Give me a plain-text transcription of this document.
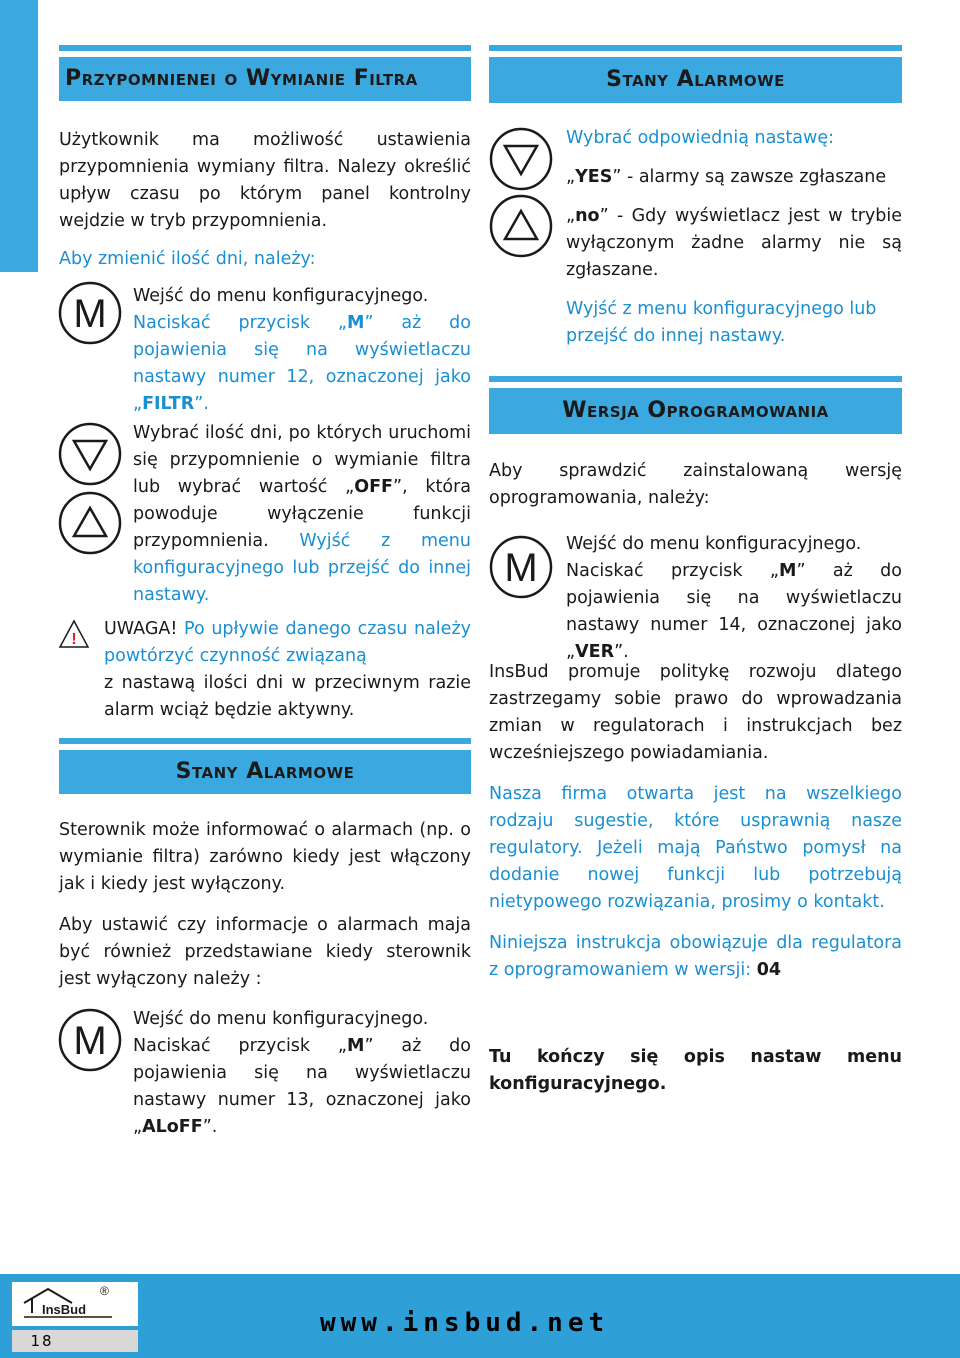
Przypomnienei o Wymianie Filtra

Użytkownik ma możliwość ustawienia przypomnienia wymiany filtra. Nalezy określić upływ czasu po którym panel kontrolny wejdzie w tryb przypomnienia.

Aby zmienić ilość dni, należy:

M Wejść do menu konfiguracyjnego.

Naciskać przycisk „M” aż do pojawienia się na wyświetlaczu nastawy numer 12, oznaczonej jako „FILTR”.

Wybrać ilość dni, po których uruchomi się przypomnienie o wymianie filtra lub wybrać wartość „OFF”, która powoduje wyłączenie funkcji przypomnienia. Wyjść z menu konfiguracyjnego lub przejść do innej nastawy.

!

UWAGA! Po upływie danego czasu należy powtórzyć czynność związaną

z nastawą ilości dni w przeciwnym razie alarm wciąż będzie aktywny.

Stany Alarmowe

Sterownik może informować o alarmach (np. o wymianie filtra) zarówno kiedy jest włączony jak i kiedy jest wyłączony.

Aby ustawić czy informacje o alarmach maja być również przedstawiane kiedy sterownik jest wyłączony należy :

M Wejść do menu konfiguracyjnego.

Naciskać przycisk „M” aż do pojawienia się na wyświetlaczu nastawy numer 13, oznaczonej jako „ALoFF”.

Stany Alarmowe

Wybrać odpowiednią nastawę:

„YES” - alarmy są zawsze zgłaszane

„no” - Gdy wyświetlacz jest w trybie wyłączonym żadne alarmy nie są zgłaszane.

Wyjść z menu konfiguracyjnego lub przejść do innej nastawy.

Wersja Oprogramowania

Aby sprawdzić zainstalowaną wersję oprogramowania, należy:

M

Wejść do menu konfiguracyjnego.

Naciskać przycisk „M” aż do pojawienia się na wyświetlaczu nastawy numer 14, oznaczonej jako „VER”.

InsBud promuje politykę rozwoju dlatego zastrzegamy sobie prawo do wprowadzania zmian w regulatorach i instrukcjach bez wcześniejszego powiadamiania.

Nasza firma otwarta jest na wszelkiego rodzaju sugestie, które usprawnią nasze regulatory. Jeżeli mają Państwo pomysł na dodanie nowej funkcji lub potrzebują nietypowego rozwiązania, prosimy o kontakt.

Niniejsza instrukcja obowiązuje dla regulatora z oprogramowaniem w wersji: 04

Tu kończy się opis nastaw menu konfiguracyjnego.

InsBud
®
18
www.insbud.net
